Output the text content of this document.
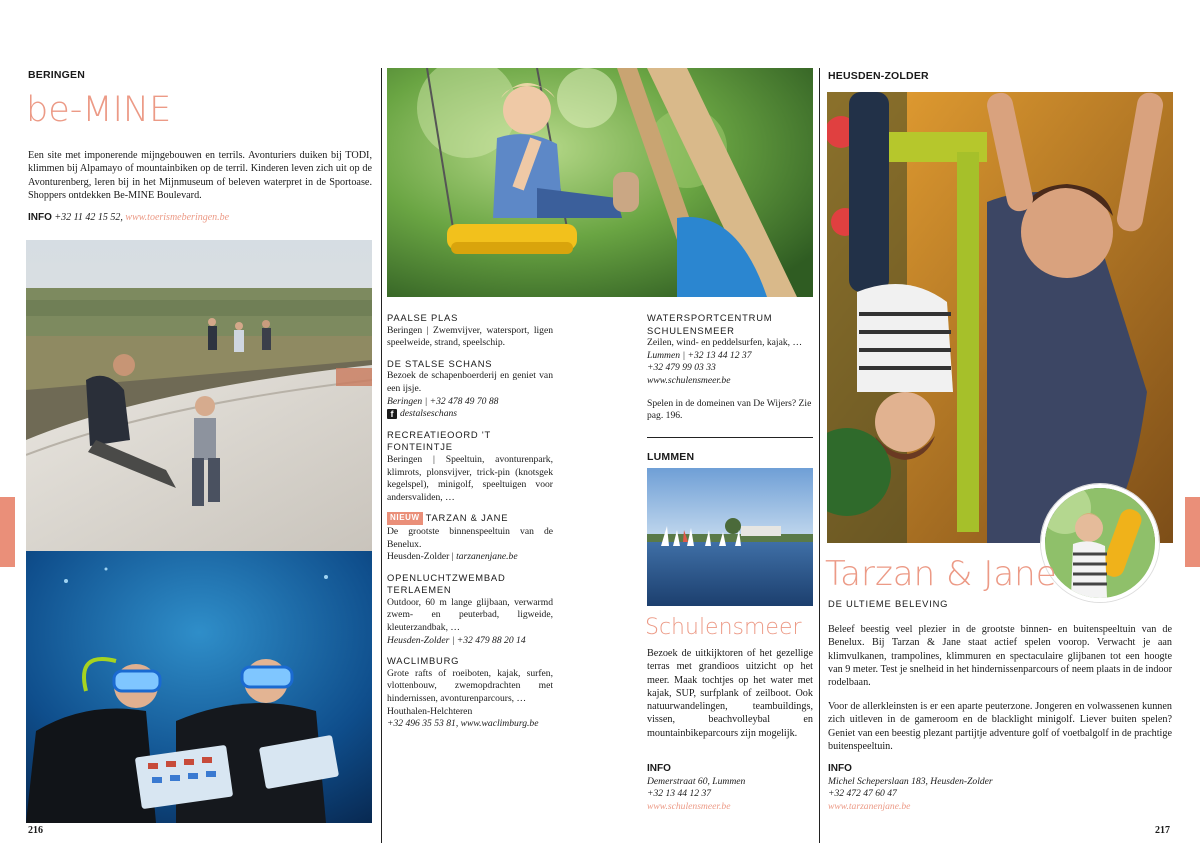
BERINGEN
be-MINE
Een site met imponerende mijngebouwen en terrils. Avonturiers duiken bij TODI, klimmen bij Alpamayo of mountainbiken op de terril. Kinderen leven zich uit op de Avonturenberg, leren bij in het Mijnmuseum of beleven waterpret in de Sportoase. Shoppers ontdekken Be-MINE Boulevard.
INFO +32 11 42 15 52, www.toerismeberingen.be
216
PAALSE PLAS
Beringen | Zwemvijver, watersport, ligen speelweide, strand, speelschip.
DE STALSE SCHANS
Bezoek de schapenboerderij en geniet van een ijsje.
Beringen | +32 478 49 70 88
f destalseschans
RECREATIEOORD 'T FONTEINTJE
Beringen | Speeltuin, avonturenpark, klimrots, plonsvijver, trick-pin (knotsgek kegelspel), minigolf, speeltuigen voor andersvaliden, …
NIEUW TARZAN & JANE
De grootste binnenspeeltuin van de Benelux.
Heusden-Zolder | tarzanenjane.be
OPENLUCHTZWEMBAD TERLAEMEN
Outdoor, 60 m lange glijbaan, verwarmd zwem- en peuterbad, ligweide, kleuterzandbak, …
Heusden-Zolder | +32 479 88 20 14
WACLIMBURG
Grote rafts of roeiboten, kajak, surfen, vlottenbouw, zwemopdrachten met hindernissen, avonturenparcours, …
Houthalen-Helchteren
+32 496 35 53 81, www.waclimburg.be
WATERSPORTCENTRUM
SCHULENSMEER
Zeilen, wind- en peddelsurfen, kajak, …
Lummen | +32 13 44 12 37
+32 479 99 03 33
www.schulensmeer.be
Spelen in de domeinen van De Wijers? Zie pag. 196.
LUMMEN
Schulensmeer
Bezoek de uitkijktoren of het gezellige terras met grandioos uitzicht op het meer. Maak tochtjes op het water met kajak, SUP, surfplank of zeilboot. Ook natuurwandelingen, teambuildings, vissen, beachvolleybal en mountainbikeparcours zijn mogelijk.
INFO
Demerstraat 60, Lummen
+32 13 44 12 37
www.schulensmeer.be
HEUSDEN-ZOLDER
Tarzan & Jane
DE ULTIEME BELEVING
Beleef beestig veel plezier in de grootste binnen- en buitenspeeltuin van de Benelux. Bij Tarzan & Jane staat actief spelen voorop. Verwacht je aan klimvulkanen, trampolines, klimmuren en spectaculaire glijbanen tot een hoogte van 9 meter. Test je snelheid in het hindernissenparcours of neem plaats in de indoor rodelbaan.
Voor de allerkleinsten is er een aparte peuterzone. Jongeren en volwassenen kunnen zich uitleven in de gameroom en de blacklight minigolf. Liever buiten spelen? Geniet van een beestig plezant partijtje adventure golf of voetbalgolf in de prachtige buitenspeeltuin.
INFO
Michel Scheperslaan 183, Heusden-Zolder
+32 472 47 60 47
www.tarzanenjane.be
217
